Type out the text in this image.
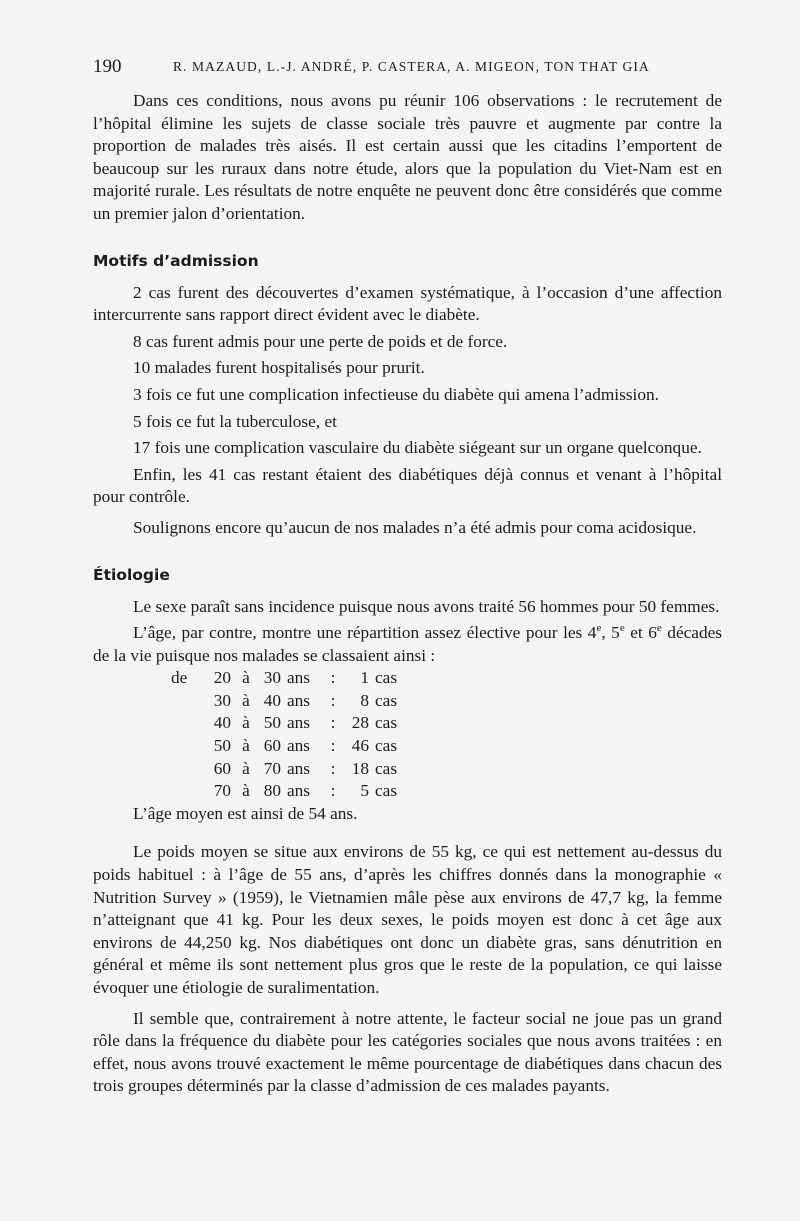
190	R. MAZAUD, L.-J. ANDRÉ, P. CASTERA, A. MIGEON, TON THAT GIA

Dans ces conditions, nous avons pu réunir 106 observations : le recrutement de l’hôpital élimine les sujets de classe sociale très pauvre et augmente par contre la proportion de malades très aisés. Il est certain aussi que les citadins l’emportent de beaucoup sur les ruraux dans notre étude, alors que la population du Viet-Nam est en majorité rurale. Les résultats de notre enquête ne peuvent donc être considérés que comme un premier jalon d’orientation.

Motifs d’admission

2 cas furent des découvertes d’examen systématique, à l’occasion d’une affection intercurrente sans rapport direct évident avec le diabète.

8 cas furent admis pour une perte de poids et de force.

10 malades furent hospitalisés pour prurit.

3 fois ce fut une complication infectieuse du diabète qui amena l’admission.

5 fois ce fut la tuberculose, et

17 fois une complication vasculaire du diabète siégeant sur un organe quelconque.

Enfin, les 41 cas restant étaient des diabétiques déjà connus et venant à l’hôpital pour contrôle.

Soulignons encore qu’aucun de nos malades n’a été admis pour coma acidosique.

Étiologie

Le sexe paraît sans incidence puisque nous avons traité 56 hommes pour 50 femmes.

L’âge, par contre, montre une répartition assez élective pour les 4e, 5e et 6e décades de la vie puisque nos malades se classaient ainsi :

de	20	à	30	ans	:	1	cas
	30	à	40	ans	:	8	cas
	40	à	50	ans	:	28	cas
	50	à	60	ans	:	46	cas
	60	à	70	ans	:	18	cas
	70	à	80	ans	:	5	cas

L’âge moyen est ainsi de 54 ans.

Le poids moyen se situe aux environs de 55 kg, ce qui est nettement au-dessus du poids habituel : à l’âge de 55 ans, d’après les chiffres donnés dans la monographie « Nutrition Survey » (1959), le Vietnamien mâle pèse aux environs de 47,7 kg, la femme n’atteignant que 41 kg. Pour les deux sexes, le poids moyen est donc à cet âge aux environs de 44,250 kg. Nos diabétiques ont donc un diabète gras, sans dénutrition en général et même ils sont nettement plus gros que le reste de la population, ce qui laisse évoquer une étiologie de suralimentation.

Il semble que, contrairement à notre attente, le facteur social ne joue pas un grand rôle dans la fréquence du diabète pour les catégories sociales que nous avons traitées : en effet, nous avons trouvé exactement le même pourcentage de diabétiques dans chacun des trois groupes déterminés par la classe d’admission de ces malades payants.
